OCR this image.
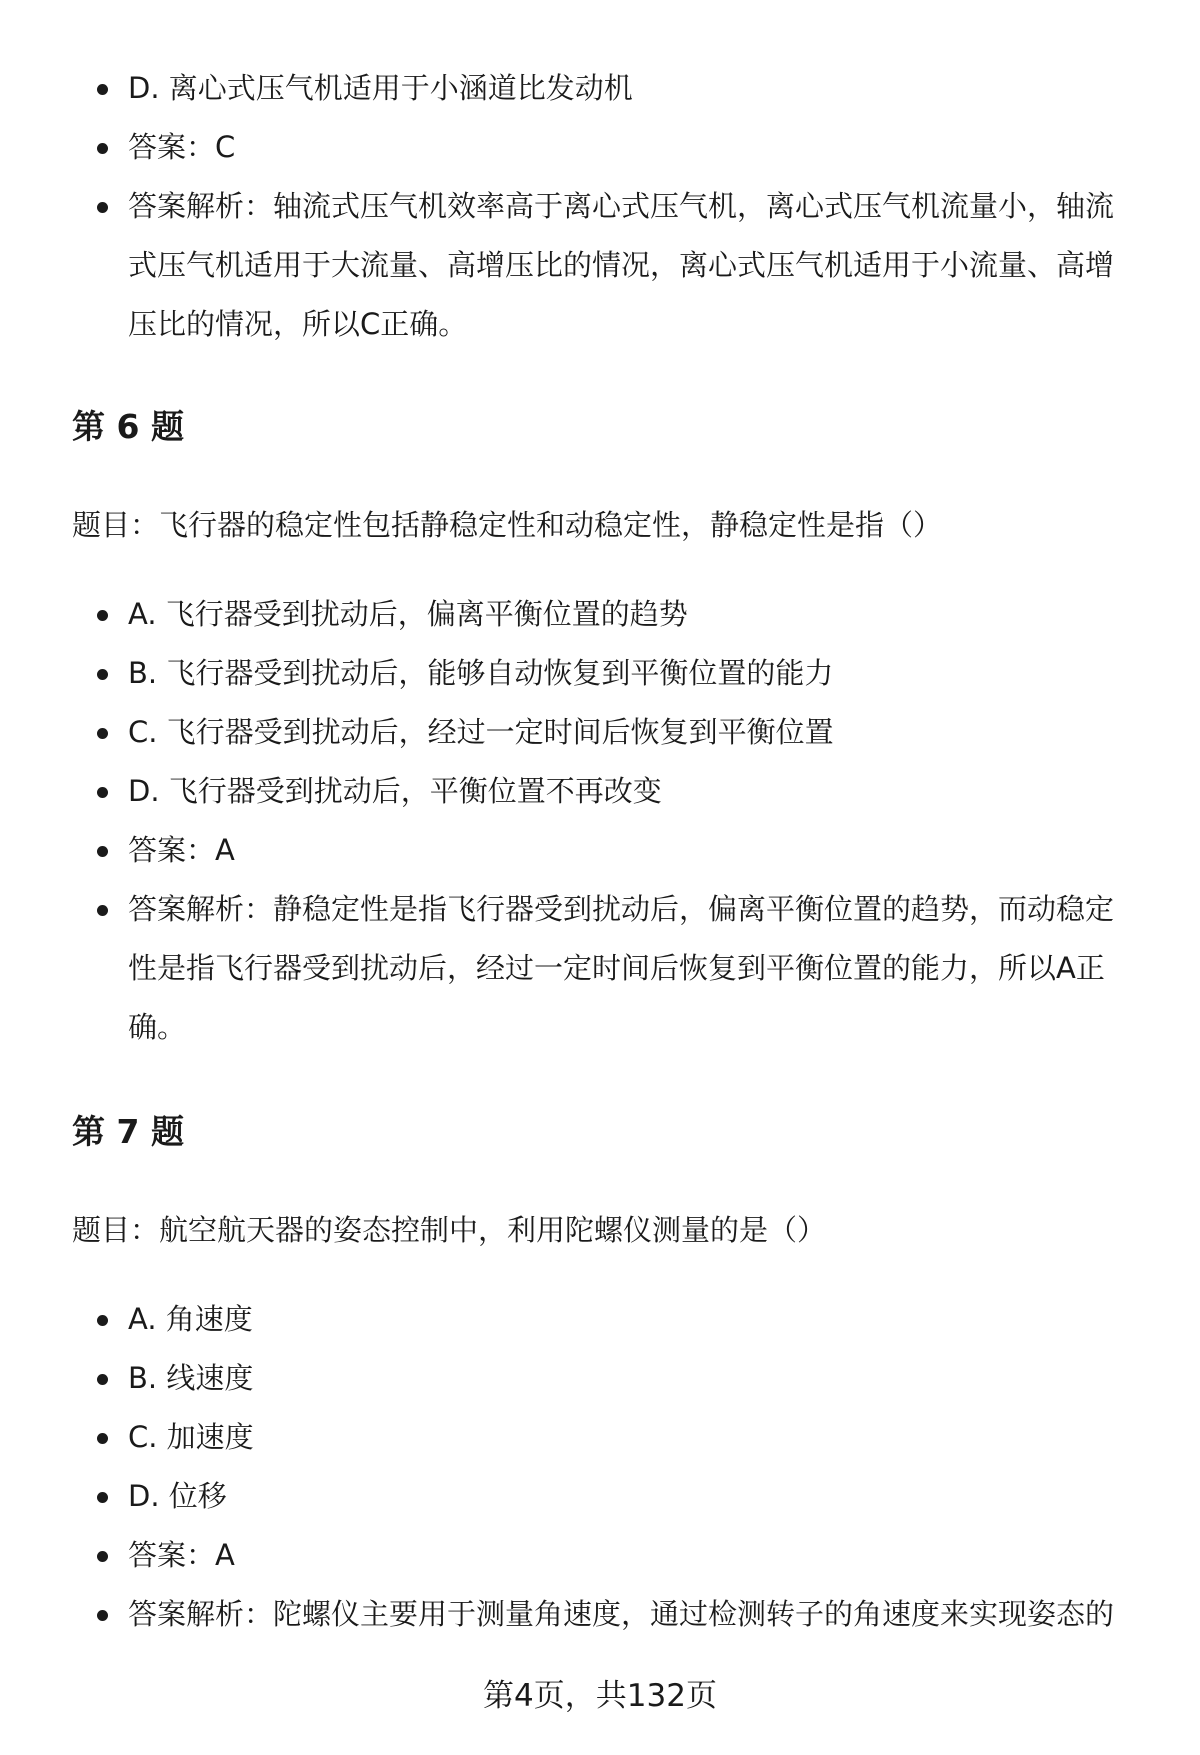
D. 离心式压气机适用于小涵道比发动机
答案：C
答案解析：轴流式压气机效率高于离心式压气机，离心式压气机流量小，轴流式压气机适用于大流量、高增压比的情况，离心式压气机适用于小流量、高增压比的情况，所以C正确。
第 6 题

题目：飞行器的稳定性包括静稳定性和动稳定性，静稳定性是指（）

A. 飞行器受到扰动后，偏离平衡位置的趋势
B. 飞行器受到扰动后，能够自动恢复到平衡位置的能力
C. 飞行器受到扰动后，经过一定时间后恢复到平衡位置
D. 飞行器受到扰动后，平衡位置不再改变
答案：A
答案解析：静稳定性是指飞行器受到扰动后，偏离平衡位置的趋势，而动稳定性是指飞行器受到扰动后，经过一定时间后恢复到平衡位置的能力，所以A正确。
第 7 题

题目：航空航天器的姿态控制中，利用陀螺仪测量的是（）

A. 角速度
B. 线速度
C. 加速度
D. 位移
答案：A
答案解析：陀螺仪主要用于测量角速度，通过检测转子的角速度来实现姿态的
第4页，共132页
